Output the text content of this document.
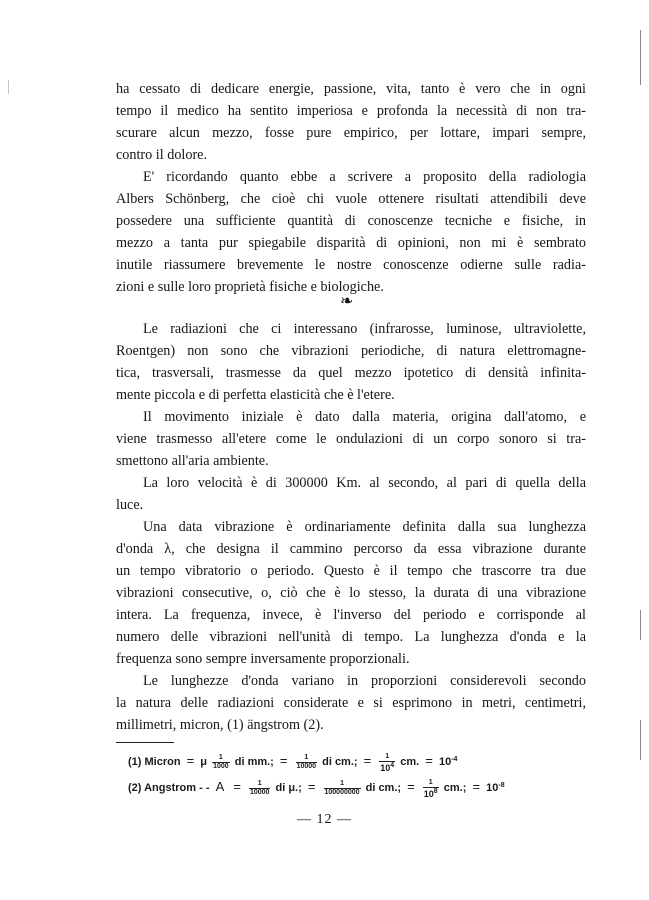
ha cessato di dedicare energie, passione, vita, tanto è vero che in ogni
tempo il medico ha sentito imperiosa e profonda la necessità di non tra-
scurare alcun mezzo, fosse pure empirico, per lottare, impari sempre,
contro il dolore.
E' ricordando quanto ebbe a scrivere a proposito della radiologia
Albers Schönberg, che cioè chi vuole ottenere risultati attendibili deve
possedere una sufficiente quantità di conoscenze tecniche e fisiche, in
mezzo a tanta pur spiegabile disparità di opinioni, non mi è sembrato
inutile riassumere brevemente le nostre conoscenze odierne sulle radia-
zioni e sulle loro proprietà fisiche e biologiche.
❧
Le radiazioni che ci interessano (infrarosse, luminose, ultraviolette,
Roentgen) non sono che vibrazioni periodiche, di natura elettromagne-
tica, trasversali, trasmesse da quel mezzo ipotetico di densità infinita-
mente piccola e di perfetta elasticità che è l'etere.
Il movimento iniziale è dato dalla materia, origina dall'atomo, e
viene trasmesso all'etere come le ondulazioni di un corpo sonoro si tra-
smettono all'aria ambiente.
La loro velocità è di 300000 Km. al secondo, al pari di quella della
luce.
Una data vibrazione è ordinariamente definita dalla sua lunghezza
d'onda λ, che designa il cammino percorso da essa vibrazione durante
un tempo vibratorio o periodo. Questo è il tempo che trascorre tra due
vibrazioni consecutive, o, ciò che è lo stesso, la durata di una vibrazione
intera. La frequenza, invece, è l'inverso del periodo e corrisponde al
numero delle vibrazioni nell'unità di tempo. La lunghezza d'onda e la
frequenza sono sempre inversamente proporzionali.
Le lunghezze d'onda variano in proporzioni considerevoli secondo
la natura delle radiazioni considerate e si esprimono in metri, centimetri,
millimetri, micron, (1) ängstrom (2).
(1) Micron = μ $\frac{1}{1000}$ di mm.; = $\frac{1}{10000}$ di cm.; = $\frac{1}{10^4}$ cm. = $10^{-4}$
(2) Angstrom - - $A = \frac{1}{10000}$ di μ.; = $\frac{1}{100000000}$ di cm.; = $\frac{1}{10^8}$ cm.; = $10^{-8}$
— 12 —
